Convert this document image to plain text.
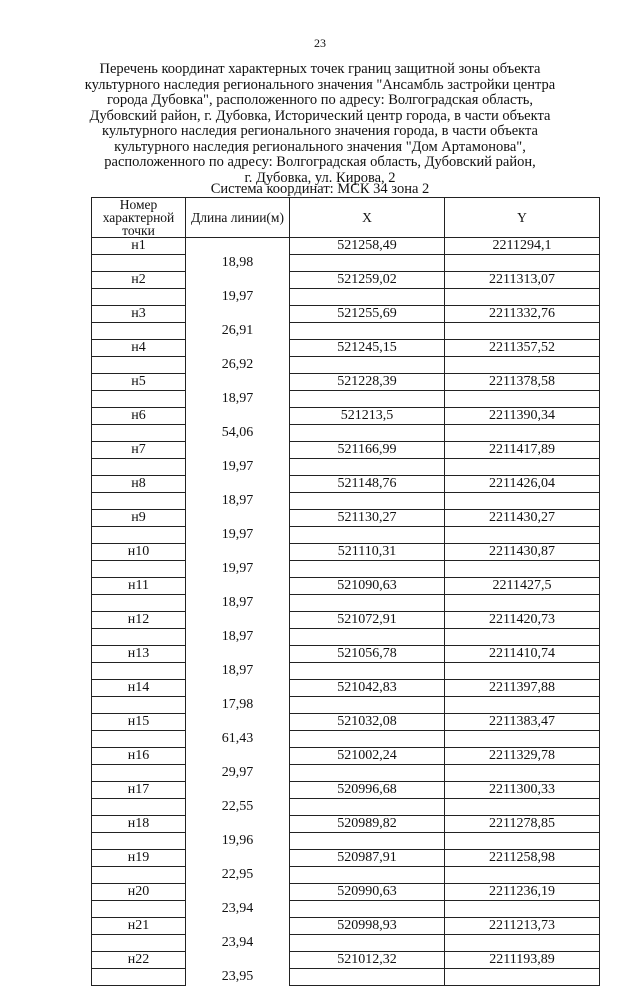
23
Перечень координат характерных точек границ защитной зоны объекта
культурного наследия регионального значения "Ансамбль застройки центра
города Дубовка", расположенного по адресу: Волгоградская область,
Дубовский район, г. Дубовка, Исторический центр города, в части объекта
культурного наследия регионального значения города, в части объекта
культурного наследия регионального значения "Дом Артамонова",
расположенного по адресу: Волгоградская область, Дубовский район,
г. Дубовка, ул. Кирова, 2
Система координат: МСК 34 зона 2
Номер характерной точки	Длина линии(м)	X	Y
н1		521258,49	2211294,1
	18,98		
н2		521259,02	2211313,07
	19,97		
н3		521255,69	2211332,76
	26,91		
н4		521245,15	2211357,52
	26,92		
н5		521228,39	2211378,58
	18,97		
н6		521213,5	2211390,34
	54,06		
н7		521166,99	2211417,89
	19,97		
н8		521148,76	2211426,04
	18,97		
н9		521130,27	2211430,27
	19,97		
н10		521110,31	2211430,87
	19,97		
н11		521090,63	2211427,5
	18,97		
н12		521072,91	2211420,73
	18,97		
н13		521056,78	2211410,74
	18,97		
н14		521042,83	2211397,88
	17,98		
н15		521032,08	2211383,47
	61,43		
н16		521002,24	2211329,78
	29,97		
н17		520996,68	2211300,33
	22,55		
н18		520989,82	2211278,85
	19,96		
н19		520987,91	2211258,98
	22,95		
н20		520990,63	2211236,19
	23,94		
н21		520998,93	2211213,73
	23,94		
н22		521012,32	2211193,89
	23,95		
